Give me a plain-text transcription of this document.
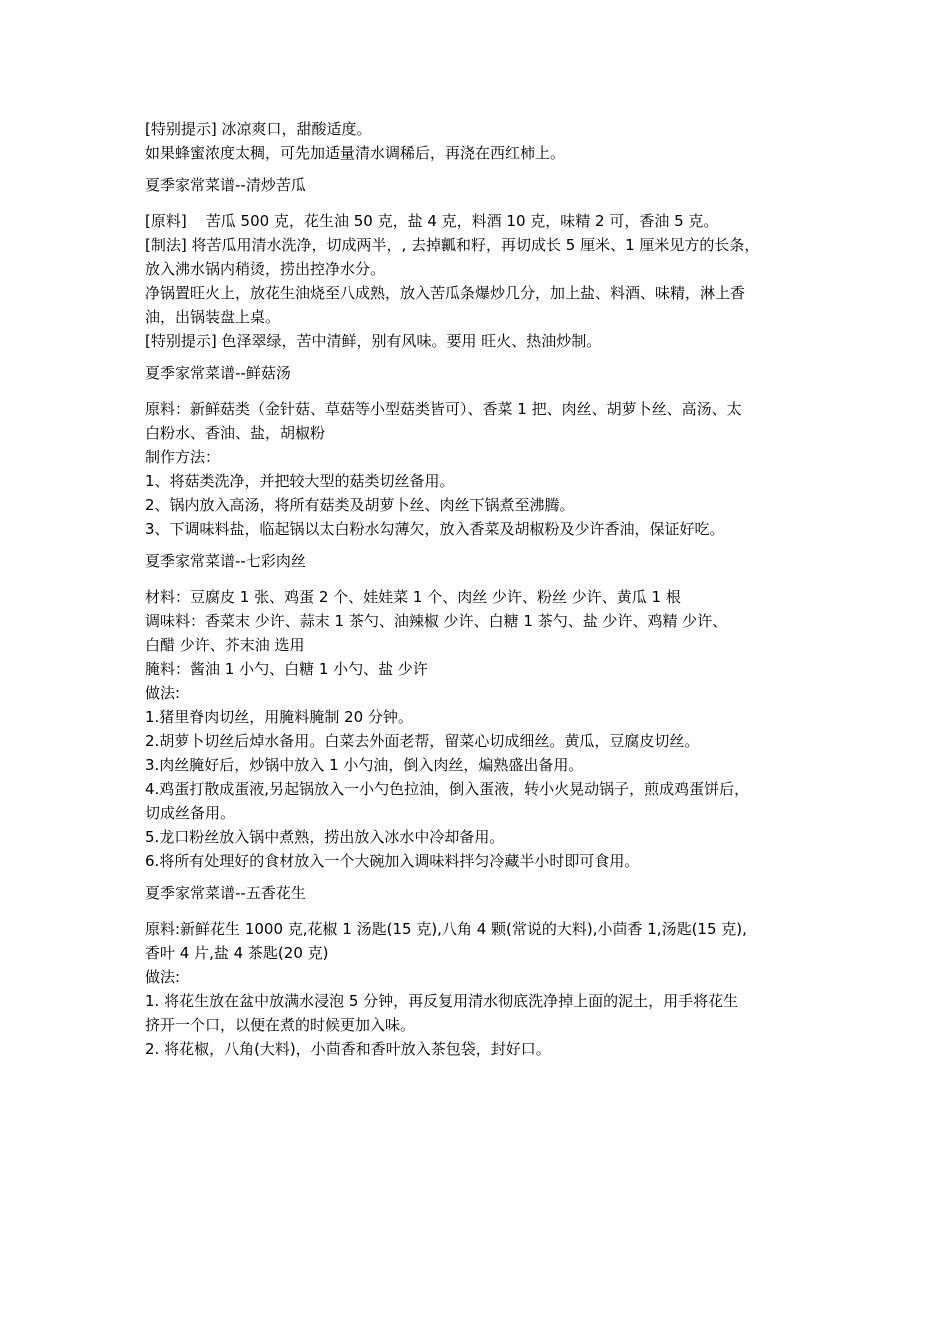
[特别提示] 冰凉爽口，甜酸适度。
如果蜂蜜浓度太稠，可先加适量清水调稀后，再浇在西红柿上。
夏季家常菜谱--清炒苦瓜
[原料]    苦瓜 500 克，花生油 50 克，盐 4 克，料酒 10 克，味精 2 可，香油 5 克。
[制法] 将苦瓜用清水洗净，切成两半，, 去掉瓤和籽，再切成长 5 厘米、1 厘米见方的长条，
放入沸水锅内稍烫，捞出控净水分。
净锅置旺火上，放花生油烧至八成熟，放入苦瓜条爆炒几分，加上盐、料酒、味精，淋上香
油，出锅装盘上桌。
[特别提示] 色泽翠绿，苦中清鲜，别有风味。要用 旺火、热油炒制。
夏季家常菜谱--鲜菇汤
原料：新鲜菇类（金针菇、草菇等小型菇类皆可）、香菜 1 把、肉丝、胡萝卜丝、高汤、太
白粉水、香油、盐，胡椒粉
制作方法：
1、将菇类洗净，并把较大型的菇类切丝备用。
2、锅内放入高汤，将所有菇类及胡萝卜丝、肉丝下锅煮至沸腾。
3、下调味料盐，临起锅以太白粉水勾薄欠，放入香菜及胡椒粉及少许香油，保证好吃。
夏季家常菜谱--七彩肉丝
材料：豆腐皮 1 张、鸡蛋 2 个、娃娃菜 1 个、肉丝 少许、粉丝 少许、黄瓜 1 根
调味料：香菜末 少许、蒜末 1 茶勺、油辣椒 少许、白糖 1 茶勺、盐 少许、鸡精 少许、
白醋 少许、芥末油 选用
腌料：酱油 1 小勺、白糖 1 小勺、盐 少许
做法:
1.猪里脊肉切丝，用腌料腌制 20 分钟。
2.胡萝卜切丝后焯水备用。白菜去外面老帮，留菜心切成细丝。黄瓜，豆腐皮切丝。
3.肉丝腌好后，炒锅中放入 1 小勺油，倒入肉丝，煸熟盛出备用。
4.鸡蛋打散成蛋液,另起锅放入一小勺色拉油，倒入蛋液，转小火晃动锅子，煎成鸡蛋饼后，
切成丝备用。
5.龙口粉丝放入锅中煮熟，捞出放入冰水中冷却备用。
6.将所有处理好的食材放入一个大碗加入调味料拌匀冷藏半小时即可食用。
夏季家常菜谱--五香花生
原料:新鲜花生 1000 克,花椒 1 汤匙(15 克),八角 4 颗(常说的大料),小茴香 1,汤匙(15 克),
香叶 4 片,盐 4 茶匙(20 克)
做法:
1. 将花生放在盆中放满水浸泡 5 分钟，再反复用清水彻底洗净掉上面的泥土，用手将花生
挤开一个口，以便在煮的时候更加入味。
2. 将花椒，八角(大料)，小茴香和香叶放入茶包袋，封好口。
